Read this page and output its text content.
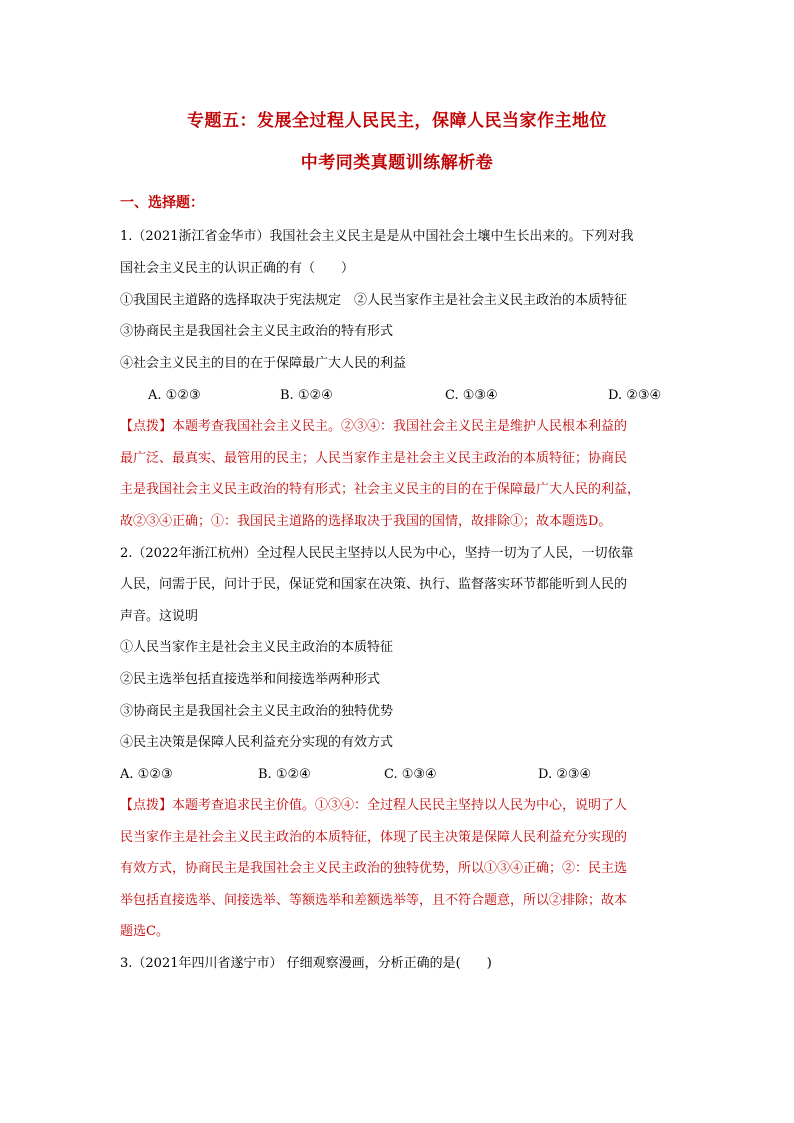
专题五：发展全过程人民民主，保障人民当家作主地位
中考同类真题训练解析卷
一、选择题：
1.（2021浙江省金华市）我国社会主义民主是是从中国社会土壤中生长出来的。下列对我
国社会主义民主的认识正确的有（　　）
①我国民主道路的选择取决于宪法规定　②人民当家作主是社会主义民主政治的本质特征
③协商民主是我国社会主义民主政治的特有形式
④社会主义民主的目的在于保障最广大人民的利益
A. ①②③	B. ①②④	C. ①③④	D. ②③④
【点拨】本题考查我国社会主义民主。②③④：我国社会主义民主是维护人民根本利益的
最广泛、最真实、最管用的民主；人民当家作主是社会主义民主政治的本质特征；协商民
主是我国社会主义民主政治的特有形式；社会主义民主的目的在于保障最广大人民的利益，
故②③④正确；①：我国民主道路的选择取决于我国的国情，故排除①；故本题选D。
2.（2022年浙江杭州）全过程人民民主坚持以人民为中心，坚持一切为了人民，一切依靠
人民，问需于民，问计于民，保证党和国家在决策、执行、监督落实环节都能听到人民的
声音。这说明
①人民当家作主是社会主义民主政治的本质特征
②民主选举包括直接选举和间接选举两种形式
③协商民主是我国社会主义民主政治的独特优势
④民主决策是保障人民利益充分实现的有效方式
A. ①②③	B. ①②④	C. ①③④	D. ②③④
【点拨】本题考查追求民主价值。①③④：全过程人民民主坚持以人民为中心，说明了人
民当家作主是社会主义民主政治的本质特征，体现了民主决策是保障人民利益充分实现的
有效方式，协商民主是我国社会主义民主政治的独特优势，所以①③④正确；②：民主选
举包括直接选举、间接选举、等额选举和差额选举等，且不符合题意，所以②排除；故本
题选C。
3.（2021年四川省遂宁市） 仔细观察漫画，分析正确的是(　　)
